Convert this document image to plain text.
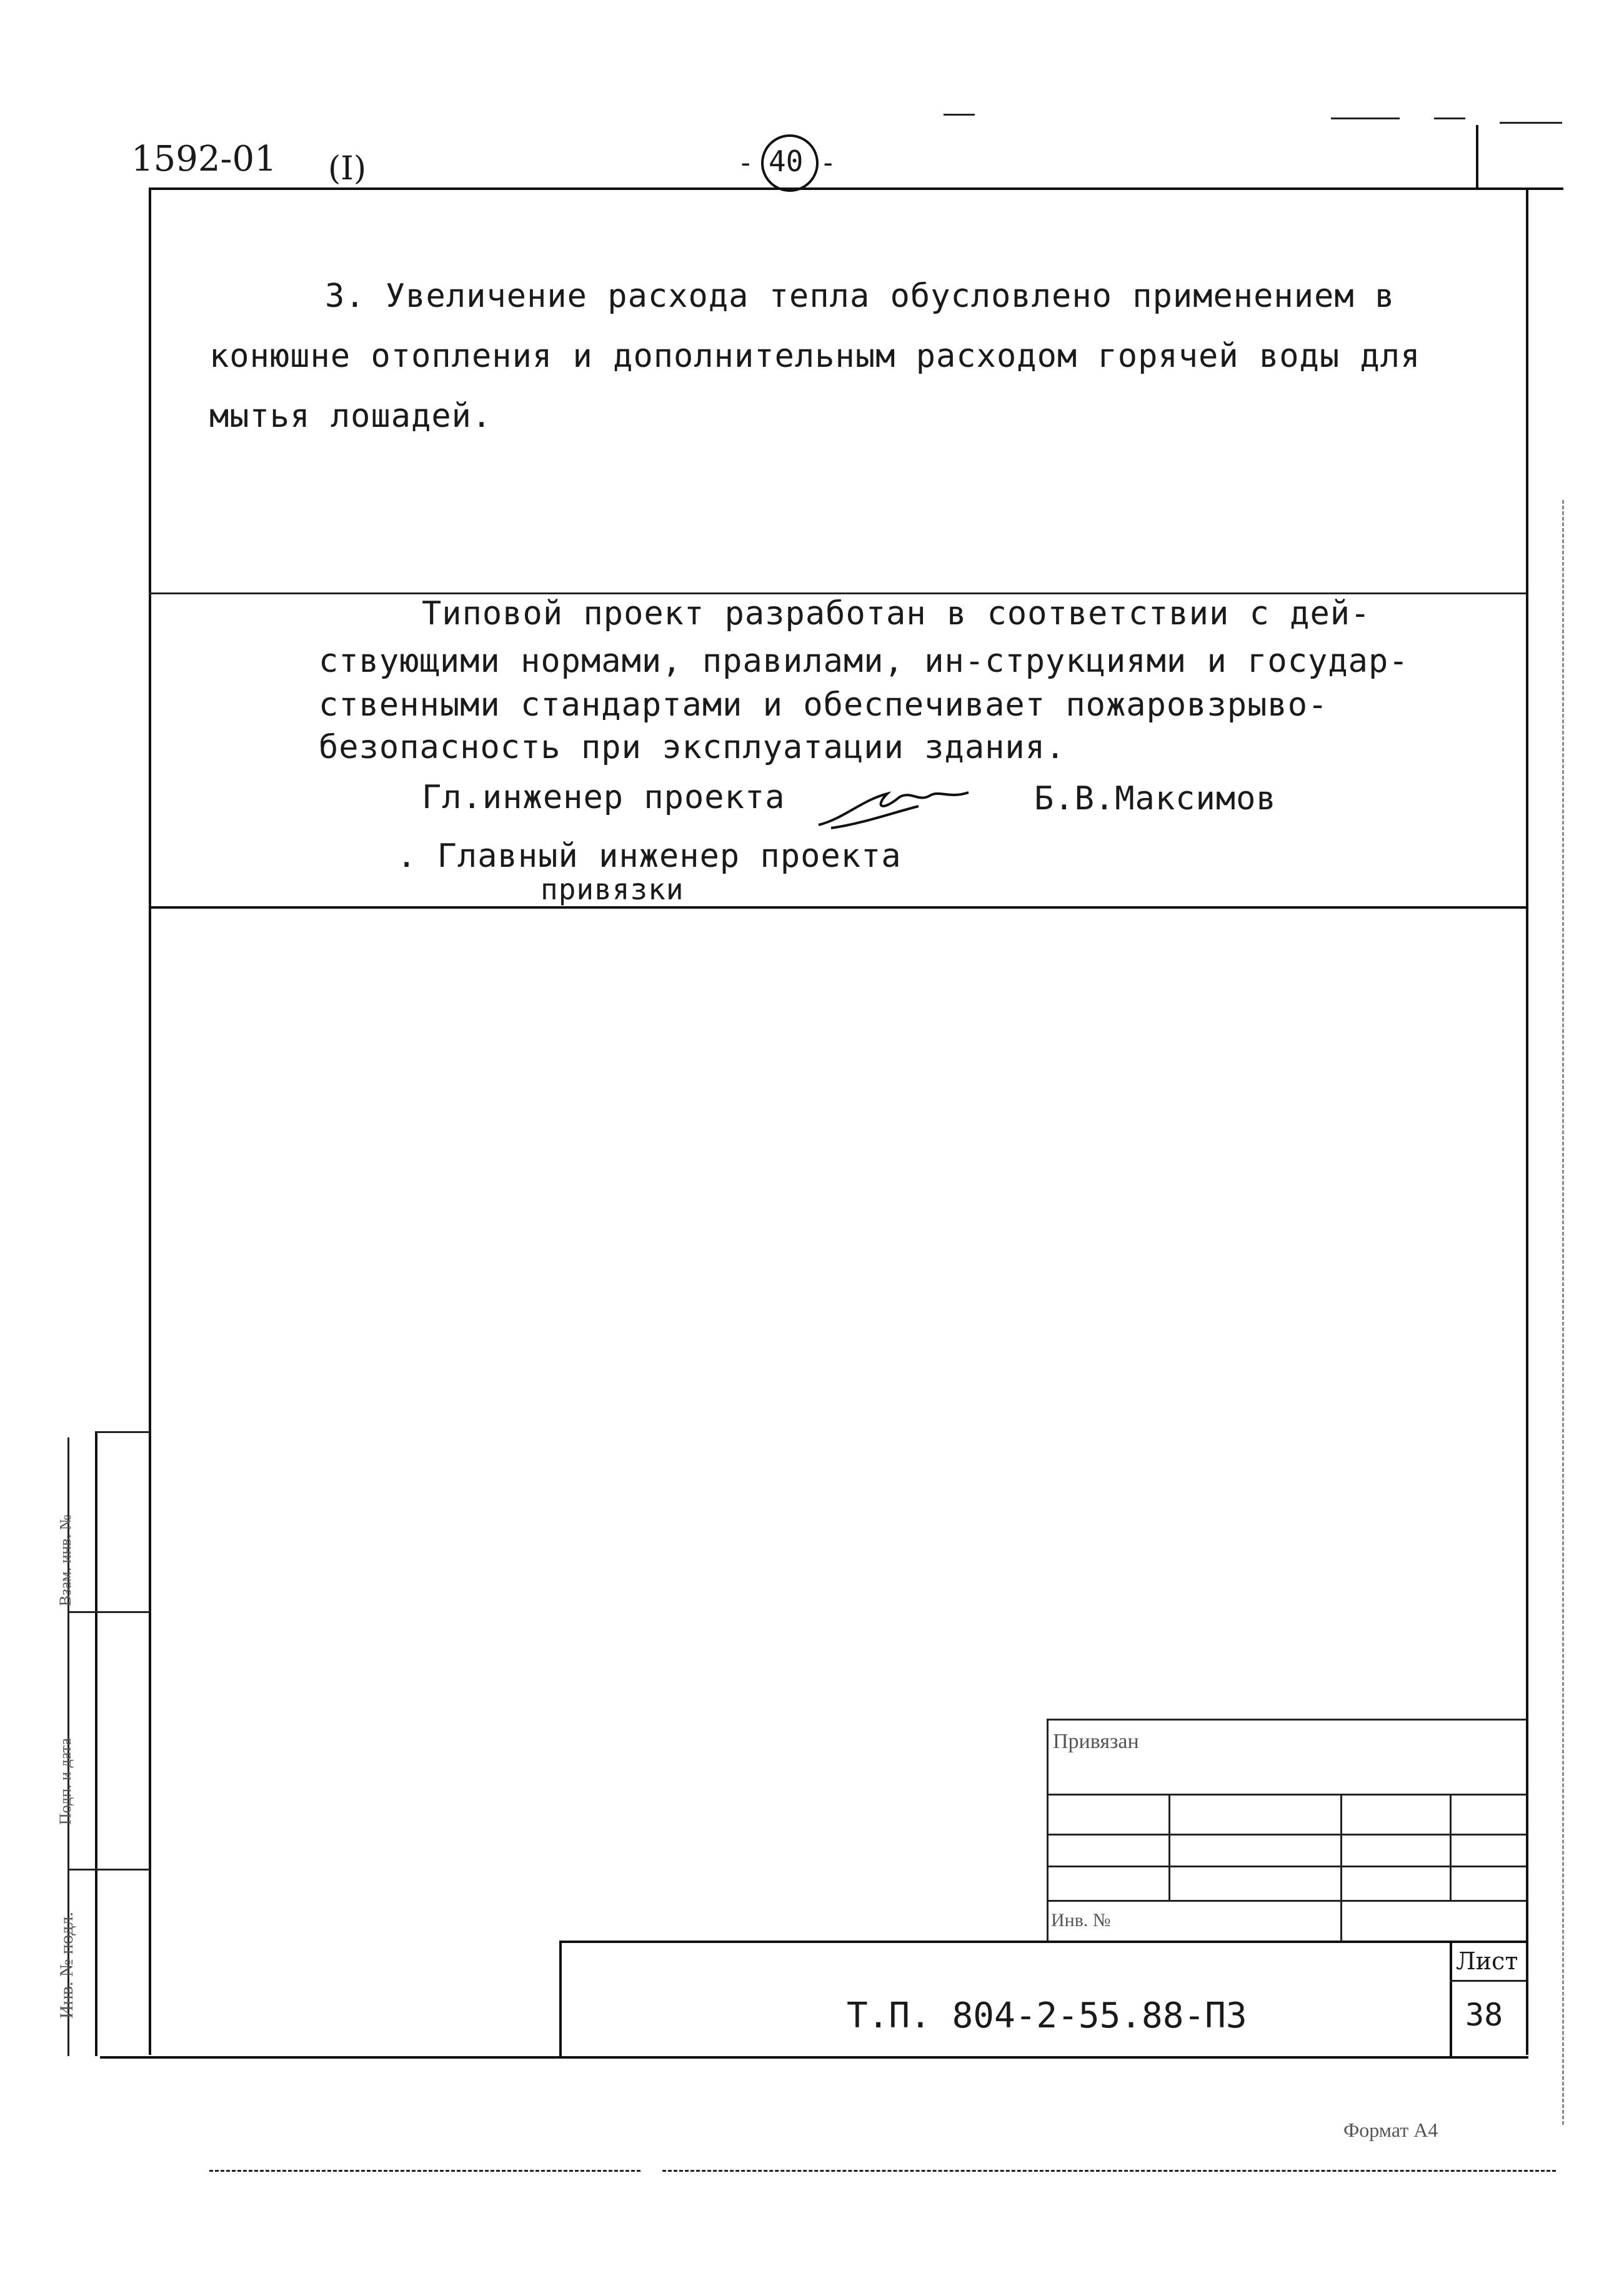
1592-01 (I)	- 40 -
3. Увеличение расхода тепла обусловлено применением в
конюшне отопления и дополнительным расходом горячей воды для
мытья лошадей.
Типовой проект разработан в соответствии с дей-
ствующими нормами, правилами, ин-струкциями и государ-
ственными стандартами и обеспечивает пожаровзрыво-
безопасность при эксплуатации здания.
Гл.инженер проекта	Б.В.Максимов
. Главный инженер проекта
привязки
Инв. № подл.
Подп. и дата
Взам. инв. №
Привязан
Инв. №
Лист
38
Т.П. 804-2-55.88-ПЗ
Формат А4
